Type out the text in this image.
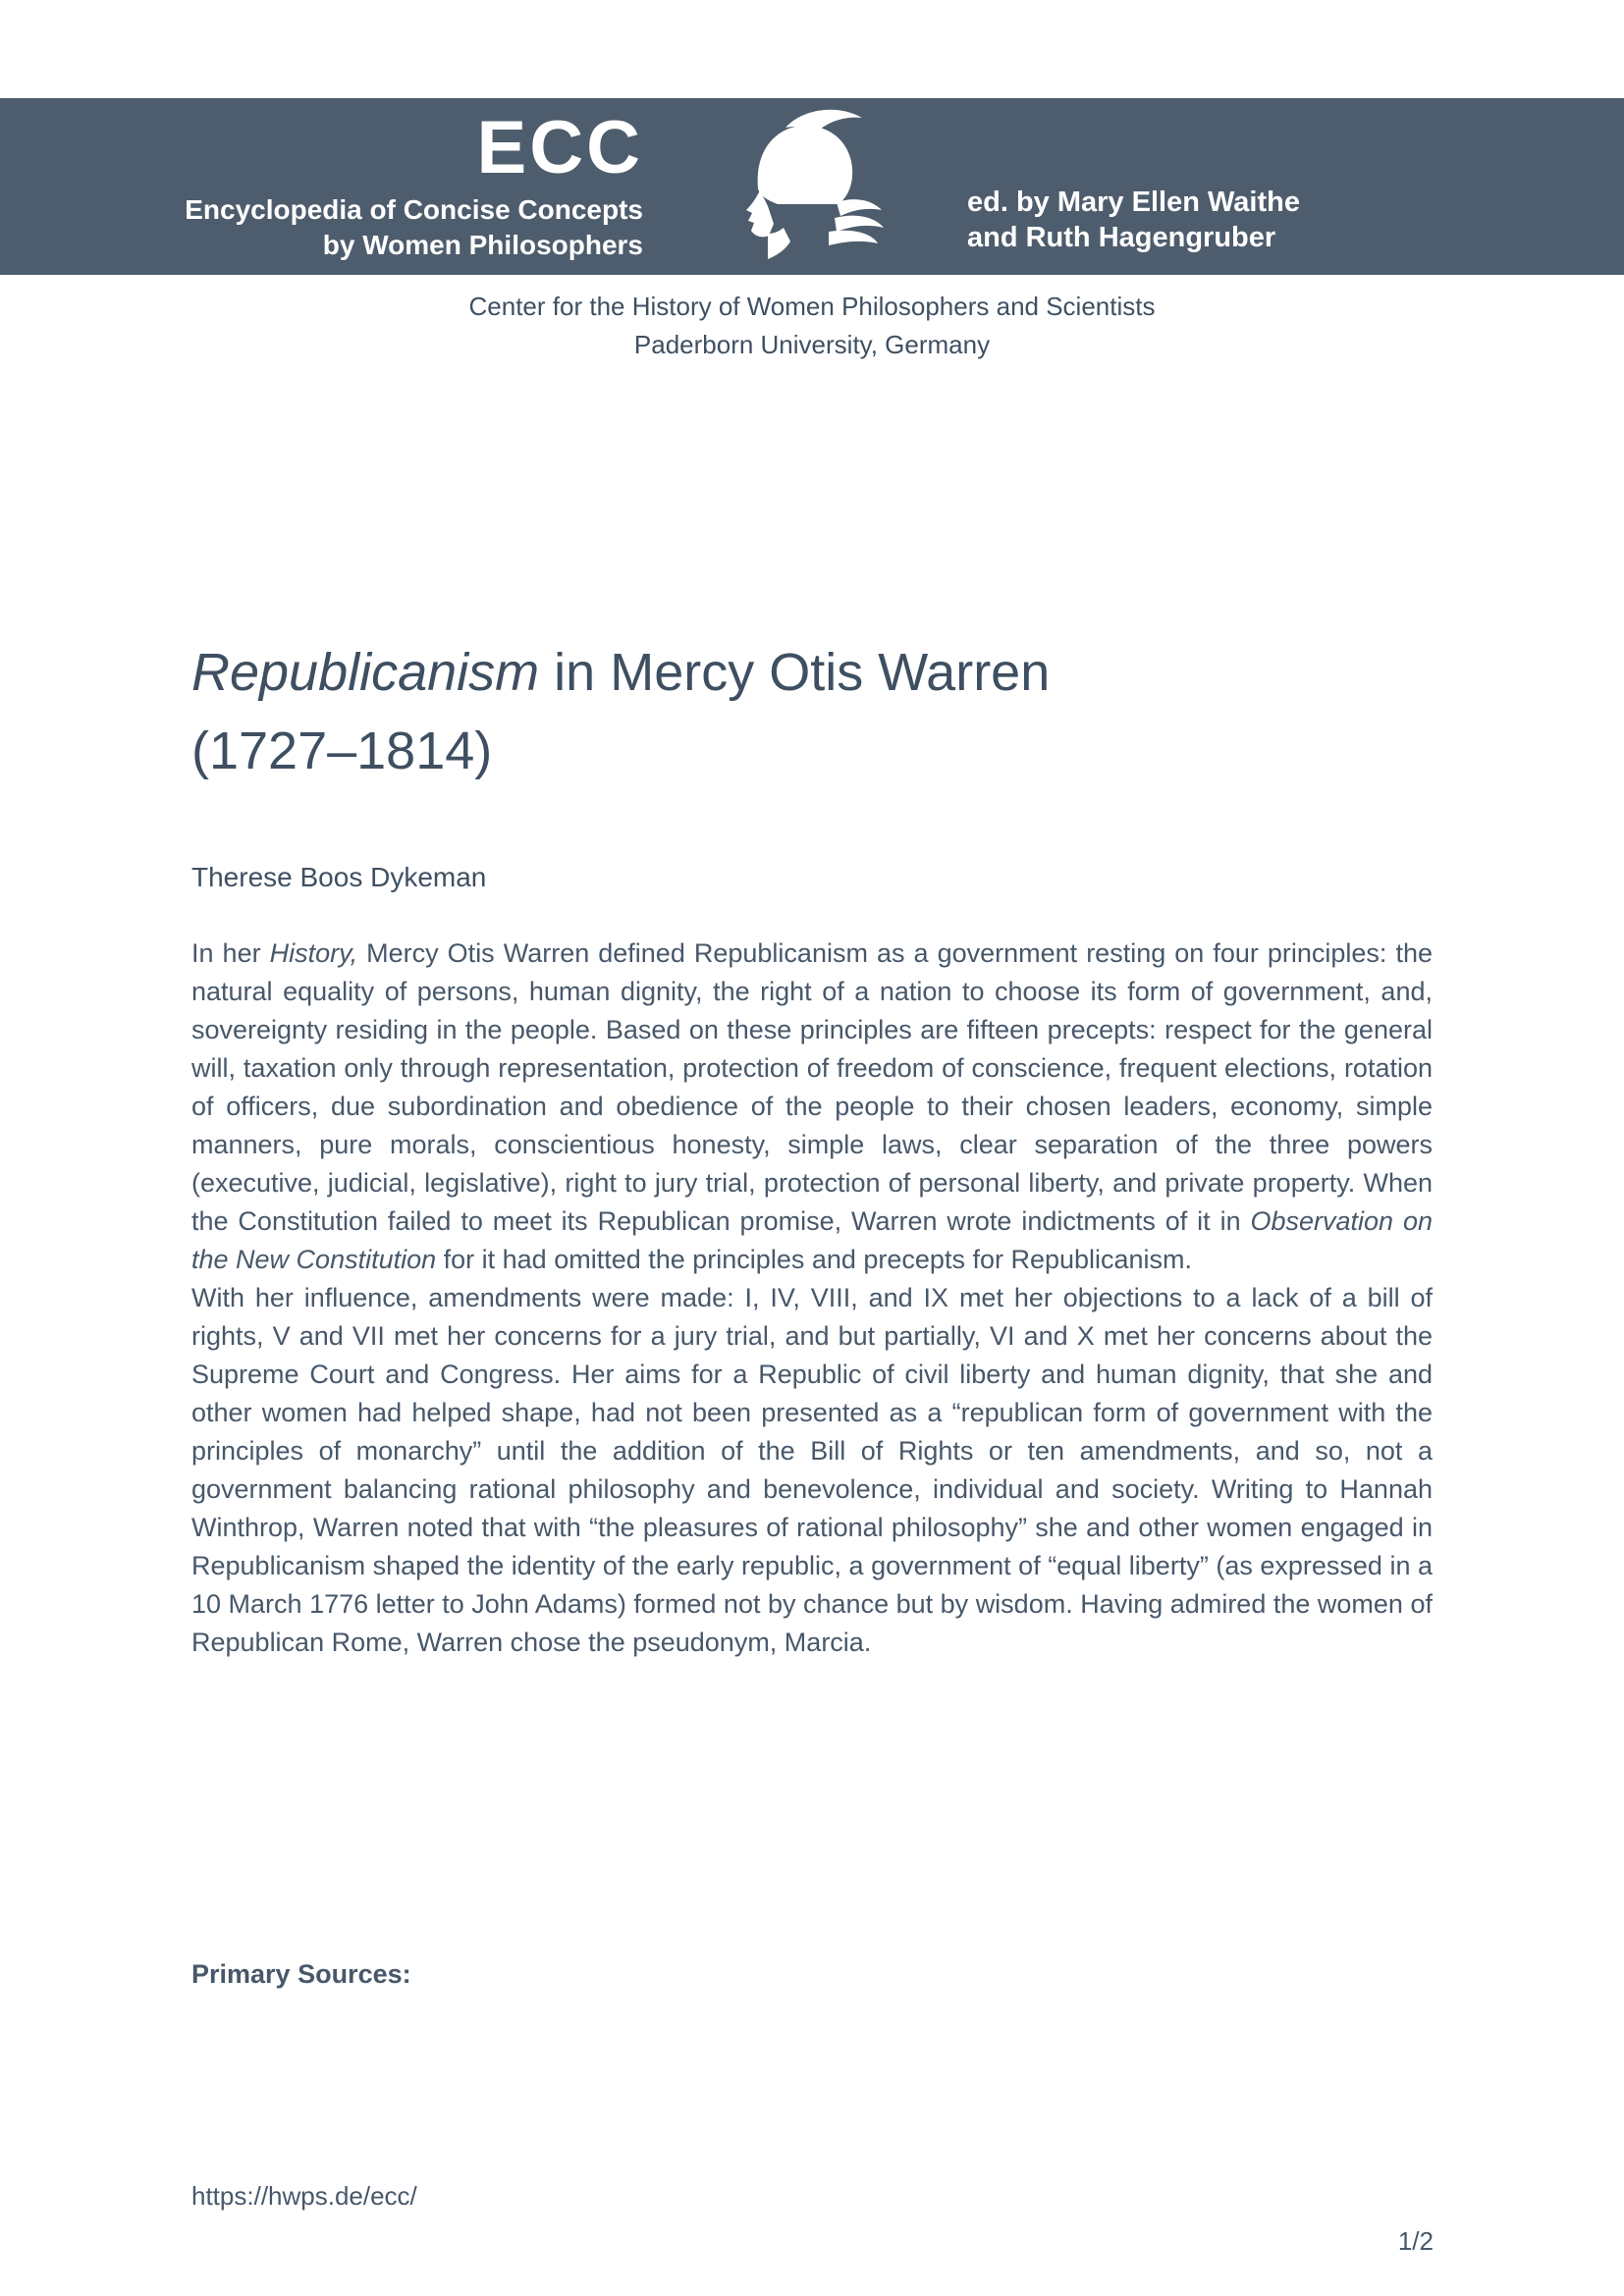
ECC
Encyclopedia of Concise Concepts
by Women Philosophers
ed. by Mary Ellen Waithe
and Ruth Hagengruber
Center for the History of Women Philosophers and Scientists
Paderborn University, Germany
Republicanism in Mercy Otis Warren
(1727–1814)
Therese Boos Dykeman

In her History, Mercy Otis Warren defined Republicanism as a government resting on four principles: the natural equality of persons, human dignity, the right of a nation to choose its form of government, and, sovereignty residing in the people. Based on these principles are fifteen precepts: respect for the general will, taxation only through representation, protection of freedom of conscience, frequent elections, rotation of officers, due subordination and obedience of the people to their chosen leaders, economy, simple manners, pure morals, conscientious honesty, simple laws, clear separation of the three powers (executive, judicial, legislative), right to jury trial, protection of personal liberty, and private property. When the Constitution failed to meet its Republican promise, Warren wrote indictments of it in Observation on the New Constitution for it had omitted the principles and precepts for Republicanism.

With her influence, amendments were made: I, IV, VIII, and IX met her objections to a lack of a bill of rights, V and VII met her concerns for a jury trial, and but partially, VI and X met her concerns about the Supreme Court and Congress. Her aims for a Republic of civil liberty and human dignity, that she and other women had helped shape, had not been presented as a “republican form of government with the principles of monarchy” until the addition of the Bill of Rights or ten amendments, and so, not a government balancing rational philosophy and benevolence, individual and society. Writing to Hannah Winthrop, Warren noted that with “the pleasures of rational philosophy” she and other women engaged in Republicanism shaped the identity of the early republic, a government of “equal liberty” (as expressed in a 10 March 1776 letter to John Adams) formed not by chance but by wisdom. Having admired the women of Republican Rome, Warren chose the pseudonym, Marcia.

Primary Sources:
https://hwps.de/ecc/
1/2
